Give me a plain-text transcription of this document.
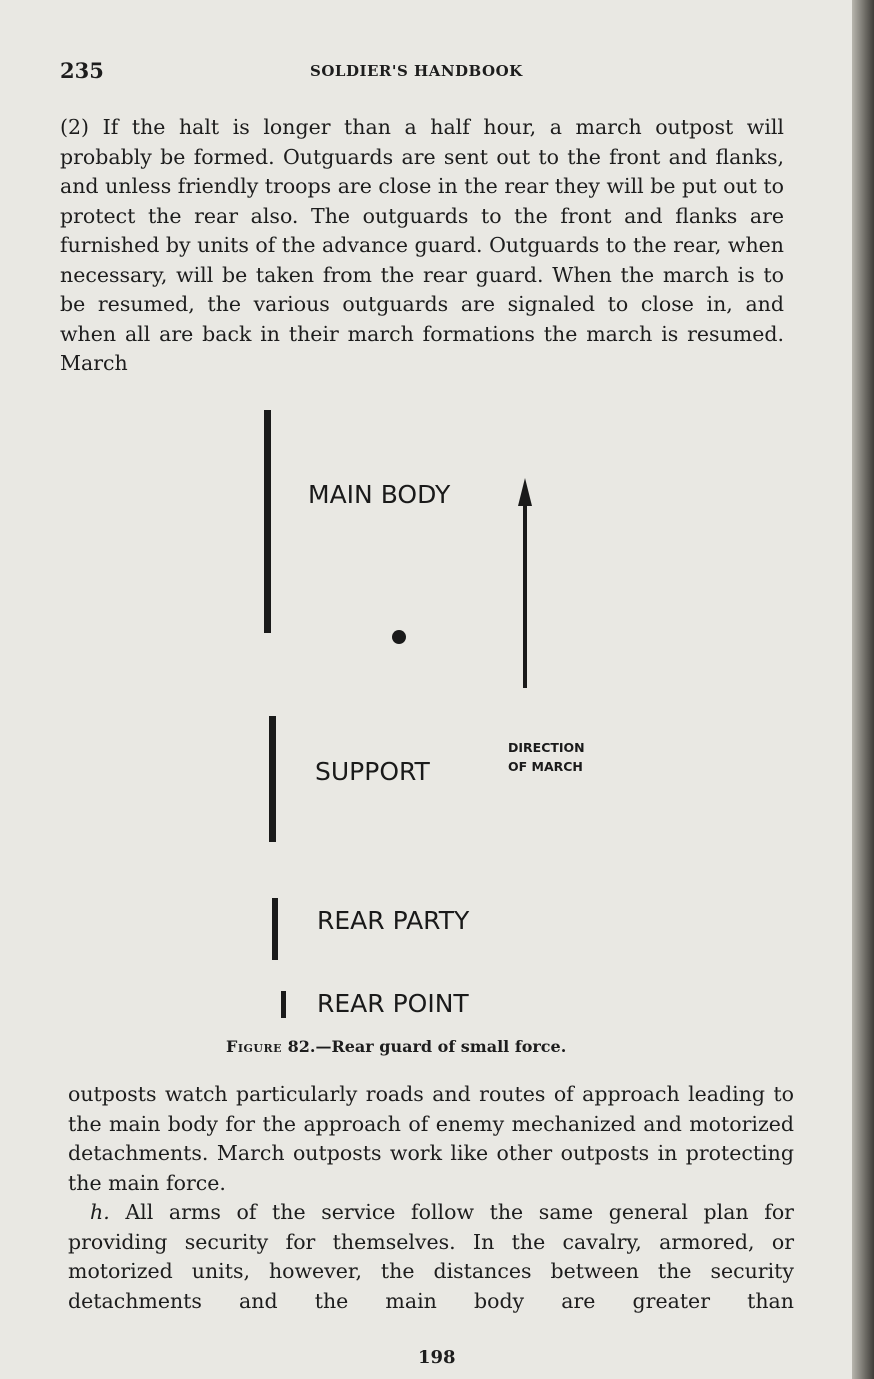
235	SOLDIER'S HANDBOOK

(2) If the halt is longer than a half hour, a march outpost will probably be formed. Outguards are sent out to the front and flanks, and unless friendly troops are close in the rear they will be put out to protect the rear also. The outguards to the front and flanks are furnished by units of the advance guard. Outguards to the rear, when necessary, will be taken from the rear guard. When the march is to be resumed, the various outguards are signaled to close in, and when all are back in their march formations the march is resumed. March

MAIN BODY
SUPPORT
DIRECTION
OF MARCH
REAR PARTY
REAR POINT
Figure 82.—Rear guard of small force.

outposts watch particularly roads and routes of approach leading to the main body for the approach of enemy mechanized and motorized detachments. March outposts work like other outposts in protecting the main force.

h. All arms of the service follow the same general plan for providing security for themselves. In the cavalry, armored, or motorized units, however, the distances between the security detachments and the main body are greater than

198
